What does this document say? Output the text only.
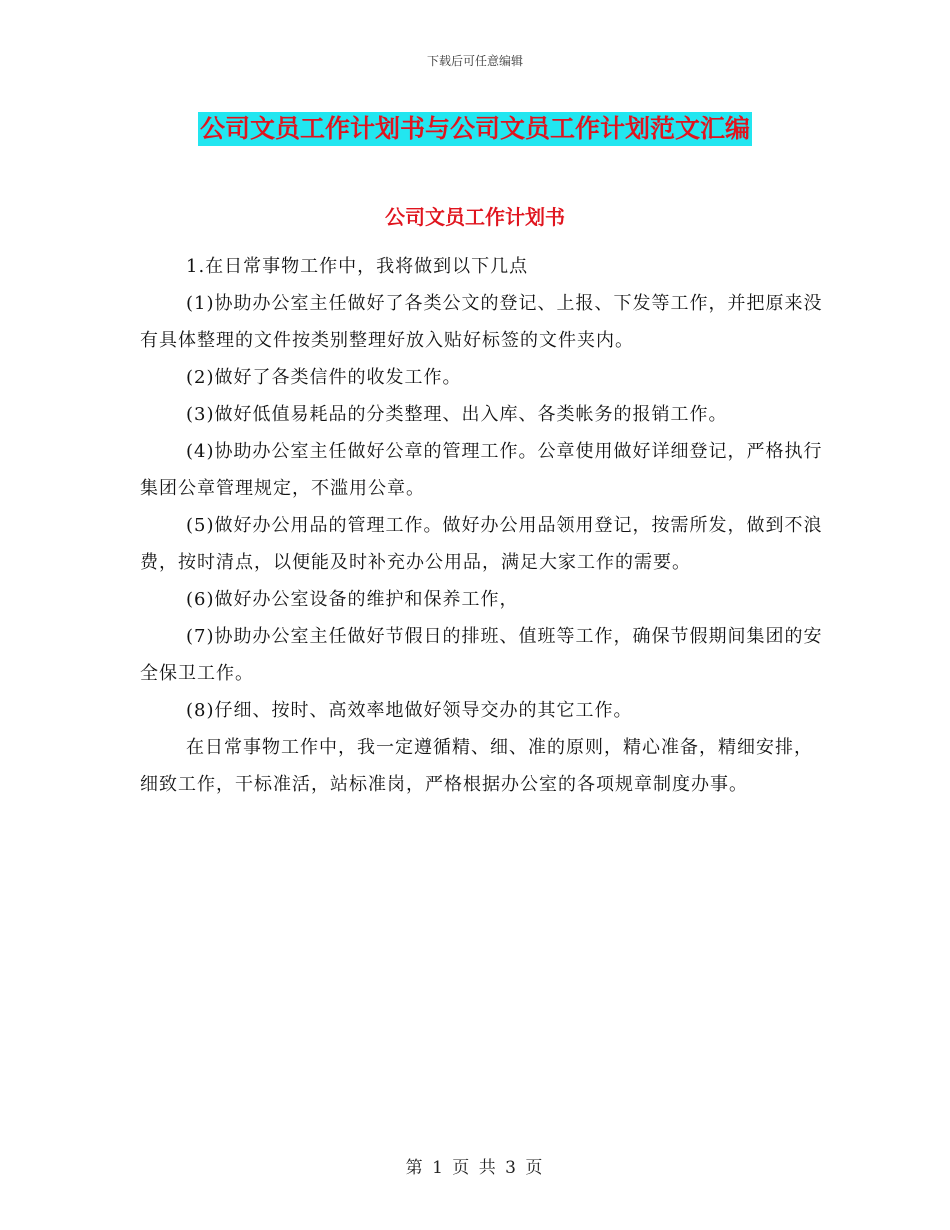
下载后可任意编辑
公司文员工作计划书与公司文员工作计划范文汇编
公司文员工作计划书

1.在日常事物工作中，我将做到以下几点

(1)协助办公室主任做好了各类公文的登记、上报、下发等工作，并把原来没有具体整理的文件按类别整理好放入贴好标签的文件夹内。

(2)做好了各类信件的收发工作。

(3)做好低值易耗品的分类整理、出入库、各类帐务的报销工作。

(4)协助办公室主任做好公章的管理工作。公章使用做好详细登记，严格执行集团公章管理规定，不滥用公章。

(5)做好办公用品的管理工作。做好办公用品领用登记，按需所发，做到不浪费，按时清点，以便能及时补充办公用品，满足大家工作的需要。

(6)做好办公室设备的维护和保养工作，

(7)协助办公室主任做好节假日的排班、值班等工作，确保节假期间集团的安全保卫工作。

(8)仔细、按时、高效率地做好领导交办的其它工作。

在日常事物工作中，我一定遵循精、细、准的原则，精心准备，精细安排，细致工作，干标准活，站标准岗，严格根据办公室的各项规章制度办事。

第 1 页 共 3 页
